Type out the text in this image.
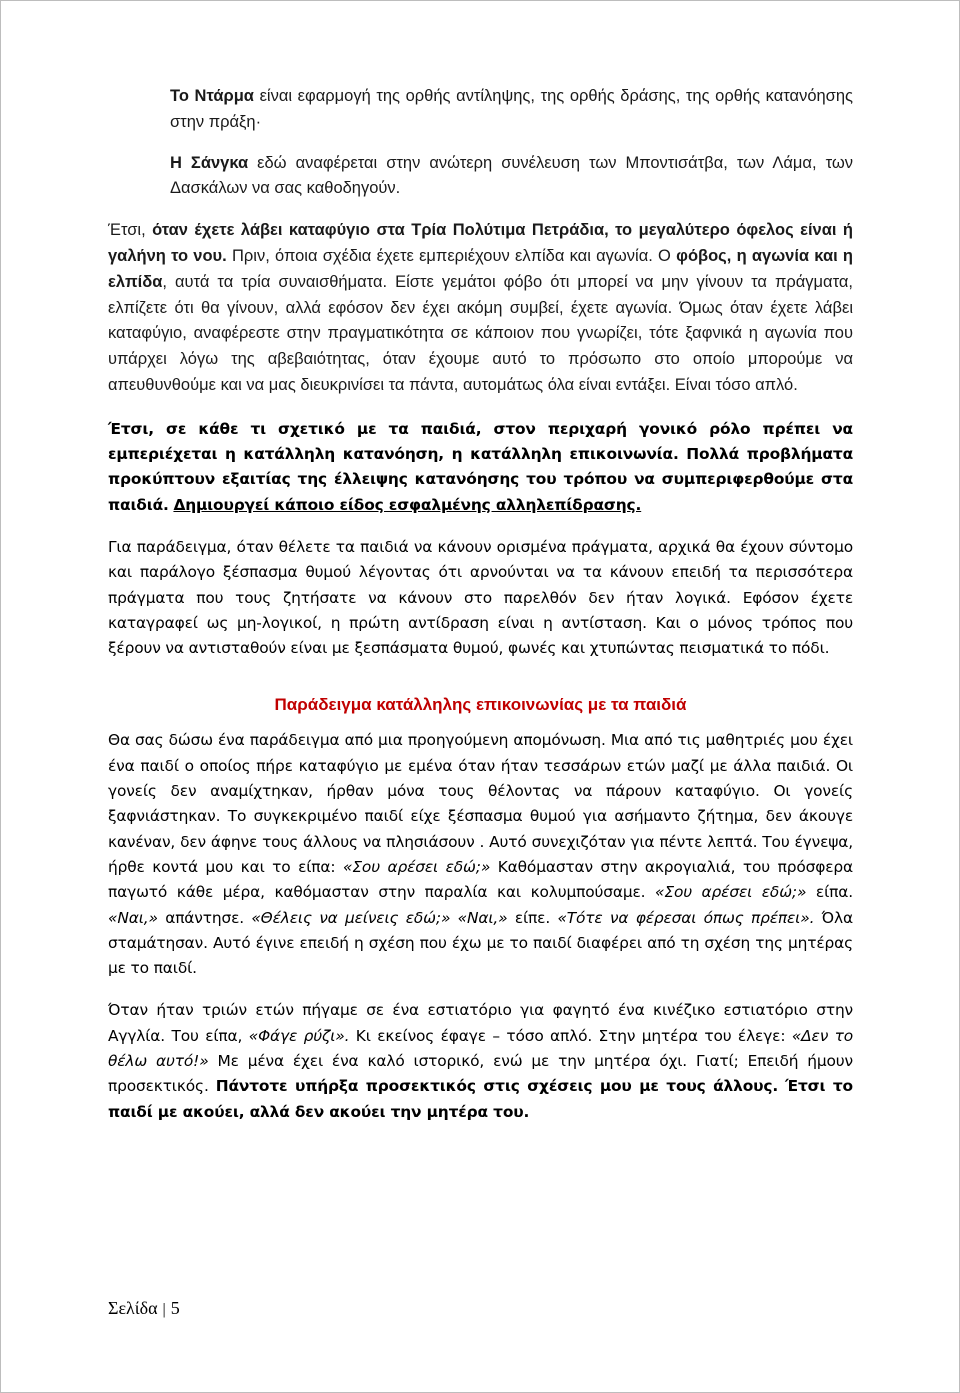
Το Ντάρμα είναι εφαρμογή της ορθής αντίληψης, της ορθής δράσης, της ορθής κατανόησης στην πράξη·

Η Σάνγκα εδώ αναφέρεται στην ανώτερη συνέλευση των Μποντισάτβα, των Λάμα, των Δασκάλων να σας καθοδηγούν.

Έτσι, όταν έχετε λάβει καταφύγιο στα Τρία Πολύτιμα Πετράδια, το μεγαλύτερο όφελος είναι ή γαλήνη το νου. Πριν, όποια σχέδια έχετε εμπεριέχουν ελπίδα και αγωνία. Ο φόβος, η αγωνία και η ελπίδα, αυτά τα τρία συναισθήματα. Είστε γεμάτοι φόβο ότι μπορεί να μην γίνουν τα πράγματα, ελπίζετε ότι θα γίνουν, αλλά εφόσον δεν έχει ακόμη συμβεί, έχετε αγωνία. Όμως όταν έχετε λάβει καταφύγιο, αναφέρεστε στην πραγματικότητα σε κάποιον που γνωρίζει, τότε ξαφνικά η αγωνία που υπάρχει λόγω της αβεβαιότητας, όταν έχουμε αυτό το πρόσωπο στο οποίο μπορούμε να απευθυνθούμε και να μας διευκρινίσει τα πάντα, αυτομάτως όλα είναι εντάξει. Είναι τόσο απλό.

Έτσι, σε κάθε τι σχετικό με τα παιδιά, στον περιχαρή γονικό ρόλο πρέπει να εμπεριέχεται η κατάλληλη κατανόηση, η κατάλληλη επικοινωνία. Πολλά προβλήματα προκύπτουν εξαιτίας της έλλειψης κατανόησης του τρόπου να συμπεριφερθούμε στα παιδιά. Δημιουργεί κάποιο είδος εσφαλμένης αλληλεπίδρασης.

Για παράδειγμα, όταν θέλετε τα παιδιά να κάνουν ορισμένα πράγματα, αρχικά θα έχουν σύντομο και παράλογο ξέσπασμα θυμού λέγοντας ότι αρνούνται να τα κάνουν επειδή τα περισσότερα πράγματα που τους ζητήσατε να κάνουν στο παρελθόν δεν ήταν λογικά. Εφόσον έχετε καταγραφεί ως μη-λογικοί, η πρώτη αντίδραση είναι η αντίσταση. Και ο μόνος τρόπος που ξέρουν να αντισταθούν είναι με ξεσπάσματα θυμού, φωνές και χτυπώντας πεισματικά το πόδι.

Παράδειγμα κατάλληλης επικοινωνίας με τα παιδιά

Θα σας δώσω ένα παράδειγμα από μια προηγούμενη απομόνωση. Μια από τις μαθητριές μου έχει ένα παιδί ο οποίος πήρε καταφύγιο με εμένα όταν ήταν τεσσάρων ετών μαζί με άλλα παιδιά. Οι γονείς δεν αναμίχτηκαν, ήρθαν μόνα τους θέλοντας να πάρουν καταφύγιο. Οι γονείς ξαφνιάστηκαν. Το συγκεκριμένο παιδί είχε ξέσπασμα θυμού για ασήμαντο ζήτημα, δεν άκουγε κανέναν, δεν άφηνε τους άλλους να πλησιάσουν . Αυτό συνεχιζόταν για πέντε λεπτά. Του έγνεψα, ήρθε κοντά μου και το είπα: «Σου αρέσει εδώ;» Καθόμασταν στην ακρογιαλιά, του πρόσφερα παγωτό κάθε μέρα, καθόμασταν στην παραλία και κολυμπούσαμε. «Σου αρέσει εδώ;» είπα. «Ναι,» απάντησε. «Θέλεις να μείνεις εδώ;» «Ναι,» είπε. «Τότε να φέρεσαι όπως πρέπει». Όλα σταμάτησαν. Αυτό έγινε επειδή η σχέση που έχω με το παιδί διαφέρει από τη σχέση της μητέρας με το παιδί.

Όταν ήταν τριών ετών πήγαμε σε ένα εστιατόριο για φαγητό ένα κινέζικο εστιατόριο στην Αγγλία. Του είπα, «Φάγε ρύζι». Κι εκείνος έφαγε – τόσο απλό. Στην μητέρα του έλεγε: «Δεν το θέλω αυτό!» Με μένα έχει ένα καλό ιστορικό, ενώ με την μητέρα όχι. Γιατί; Επειδή ήμουν προσεκτικός. Πάντοτε υπήρξα προσεκτικός στις σχέσεις μου με τους άλλους. Έτσι το παιδί με ακούει, αλλά δεν ακούει την μητέρα του.

Σελίδα | 5
